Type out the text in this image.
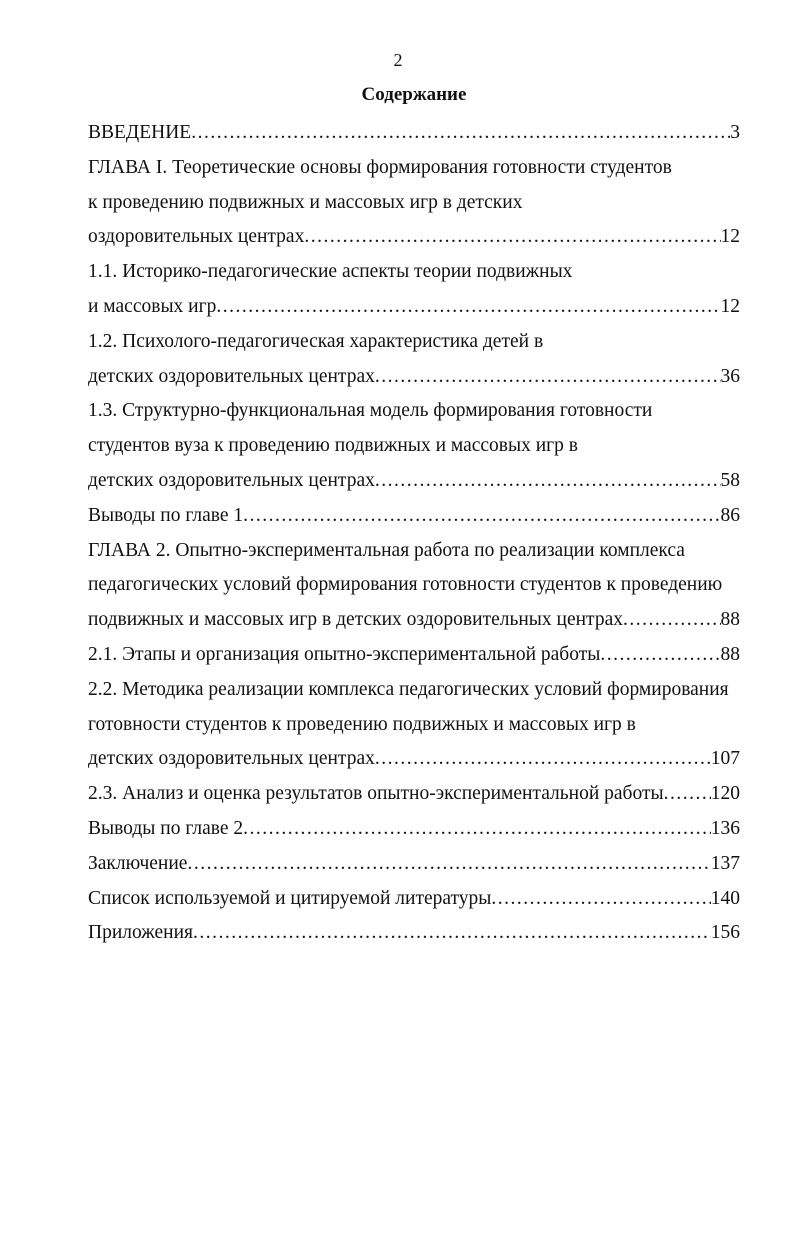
2
Содержание
ВВЕДЕНИЕ .....	3
ГЛАВА I. Теоретические основы формирования готовности студентов
к проведению подвижных и массовых игр в детских
оздоровительных центрах .....	12
1.1. Историко-педагогические аспекты теории подвижных
и массовых игр .....	12
1.2. Психолого-педагогическая характеристика детей в
детских оздоровительных центрах .....	36
1.3. Структурно-функциональная модель формирования готовности
студентов вуза к проведению подвижных и массовых игр в
детских оздоровительных центрах .....	58
Выводы по главе 1 .....	86
ГЛАВА 2. Опытно-экспериментальная работа по реализации комплекса
педагогических условий формирования готовности студентов к проведению
подвижных и массовых игр в детских оздоровительных центрах .....	88
2.1. Этапы и организация опытно-экспериментальной работы .....	88
2.2. Методика реализации комплекса педагогических условий формирования
готовности студентов к проведению подвижных и массовых игр в
детских оздоровительных центрах .....	107
2.3. Анализ и оценка результатов опытно-экспериментальной работы ..... 120
Выводы по главе 2 .....	136
Заключение .....	137
Список используемой и цитируемой литературы .....	140
Приложения .....	156
